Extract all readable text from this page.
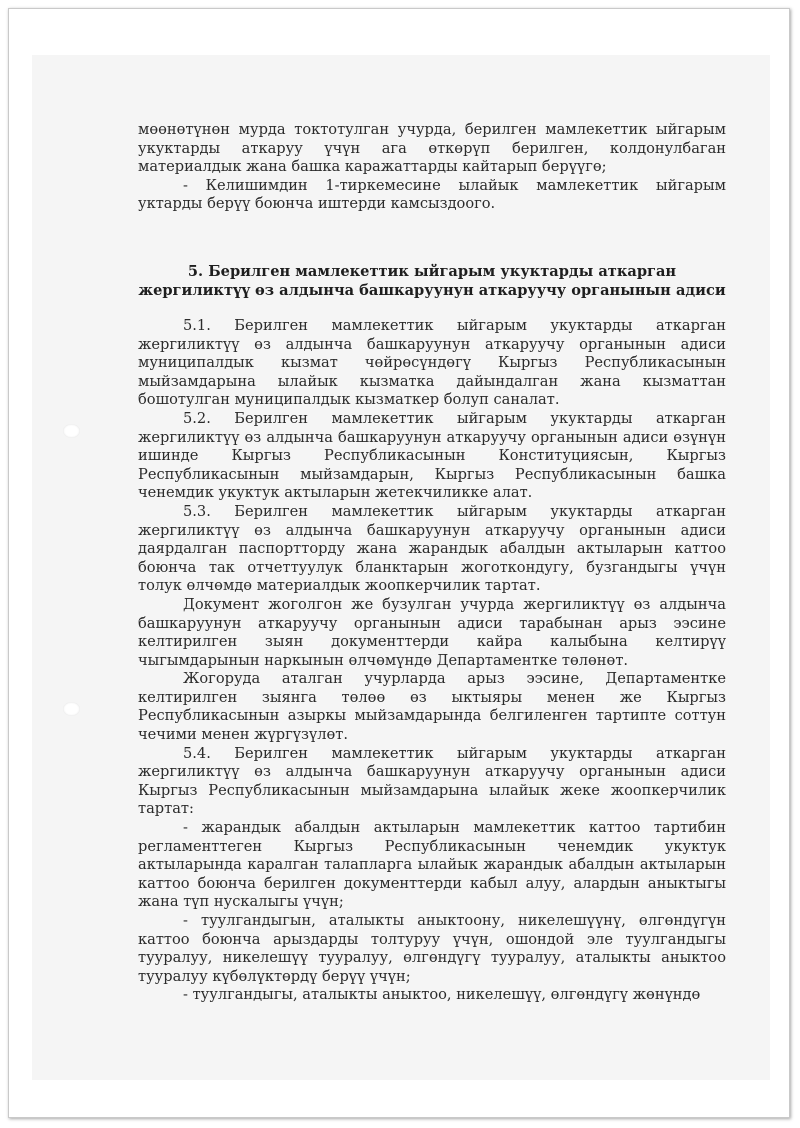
мөөнөтүнөн мурда токтотулган учурда, берилген мамлекеттик ыйгарым укуктарды аткаруу үчүн ага өткөрүп берилген, колдонулбаган материалдык жана башка каражаттарды кайтарып берүүгө;

- Келишимдин 1-тиркемесине ылайык мамлекеттик ыйгарым уктарды берүү боюнча иштерди камсыздоого.

5. Берилген мамлекеттик ыйгарым укуктарды аткарган жергиликтүү өз алдынча башкаруунун аткаруучу органынын адиси

5.1. Берилген мамлекеттик ыйгарым укуктарды аткарган жергиликтүү өз алдынча башкаруунун аткаруучу органынын адиси муниципалдык кызмат чөйрөсүндөгү Кыргыз Республикасынын мыйзамдарына ылайык кызматка дайындалган жана кызматтан бошотулган муниципалдык кызматкер болуп саналат.

5.2. Берилген мамлекеттик ыйгарым укуктарды аткарган жергиликтүү өз алдынча башкаруунун аткаруучу органынын адиси өзүнүн ишинде Кыргыз Республикасынын Конституциясын, Кыргыз Республикасынын мыйзамдарын, Кыргыз Республикасынын башка ченемдик укуктук актыларын жетекчиликке алат.

5.3. Берилген мамлекеттик ыйгарым укуктарды аткарган жергиликтүү өз алдынча башкаруунун аткаруучу органынын адиси даярдалган паспортторду жана жарандык абалдын актыларын каттоо боюнча так отчеттуулук бланктарын жоготкондугу, бузгандыгы үчүн толук өлчөмдө материалдык жоопкерчилик тартат.

Документ жоголгон же бузулган учурда жергиликтүү өз алдынча башкаруунун аткаруучу органынын адиси тарабынан арыз ээсине келтирилген зыян документтерди кайра калыбына келтирүү чыгымдарынын наркынын өлчөмүндө Департаментке төлөнөт.

Жогоруда аталган учурларда арыз ээсине, Департаментке келтирилген зыянга төлөө өз ыктыяры менен же Кыргыз Республикасынын азыркы мыйзамдарында белгиленген тартипте соттун чечими менен жүргүзүлөт.

5.4. Берилген мамлекеттик ыйгарым укуктарды аткарган жергиликтүү өз алдынча башкаруунун аткаруучу органынын адиси Кыргыз Республикасынын мыйзамдарына ылайык жеке жоопкерчилик тартат:

- жарандык абалдын актыларын мамлекеттик каттоо тартибин регламенттеген Кыргыз Республикасынын ченемдик укуктук актыларында каралган талапларга ылайык жарандык абалдын актыларын каттоо боюнча берилген документтерди кабыл алуу, алардын аныктыгы жана түп нускалыгы үчүн;

- туулгандыгын, аталыкты аныктоону, никелешүүнү, өлгөндүгүн каттоо боюнча арыздарды толтуруу үчүн, ошондой эле туулгандыгы тууралуу, никелешүү тууралуу, өлгөндүгү тууралуу, аталыкты аныктоо тууралуу күбөлүктөрдү берүү үчүн;

- туулгандыгы, аталыкты аныктоо, никелешүү, өлгөндүгү жөнүндө
